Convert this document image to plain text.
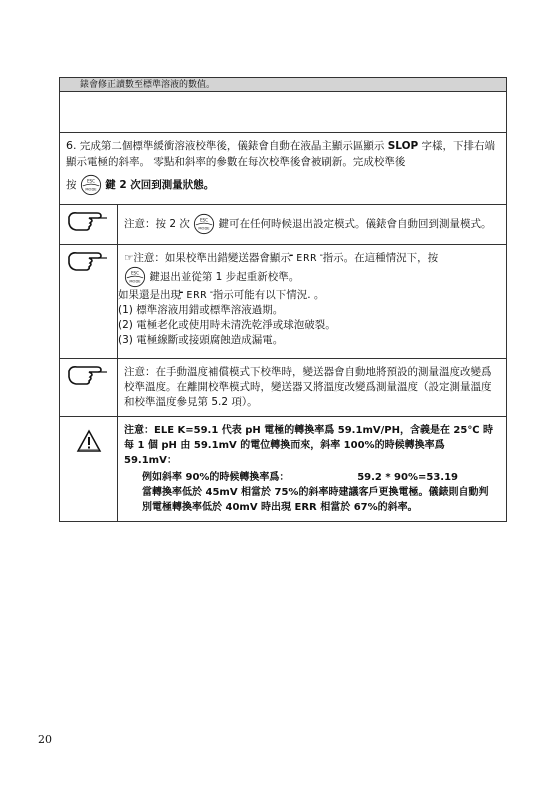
錶會修正讀數至標準溶液的數值。
6. 完成第二個標準緩衝溶液校準後，儀錶會自動在液晶主顯示區顯示 SLOP 字樣，下排右端顯示電極的斜率。 零點和斜率的參數在每次校準後會被刷新。完成校準後
按 ESC
MODE 鍵 2 次回到測量狀態。
注意：按 2 次 ESC
MODE 鍵可在任何時候退出設定模式。儀錶會自動回到測量模式。
☞注意：如果校準出錯變送器會顯示 - ERR - 指示。在這種情況下，按
ESC
MODE 鍵退出並從第 1 步起重新校準。
如果還是出現 - ERR - 指示可能有以下情況. 。
(1) 標準溶液用錯或標準溶液過期。
(2) 電極老化或使用時未清洗乾淨或球泡破裂。
(3) 電極線斷或接頭腐蝕造成漏電。
注意：在手動溫度補償模式下校準時，變送器會自動地將預設的測量溫度改變爲校準溫度。在離開校準模式時，變送器又將溫度改變爲測量溫度（設定測量溫度和校準溫度參見第 5.2 項）。
注意：ELE K=59.1 代表 pH 電極的轉換率爲 59.1mV/PH，含義是在 25℃ 時每 1 個 pH 由 59.1mV 的電位轉換而來，斜率 100%的時候轉換率爲 59.1mV：
例如斜率 90%的時候轉換率爲：	59.2 * 90%=53.19
當轉換率低於 45mV 相當於 75%的斜率時建議客戶更換電極。儀錶則自動判別電極轉換率低於 40mV 時出現 ERR 相當於 67%的斜率。
20
